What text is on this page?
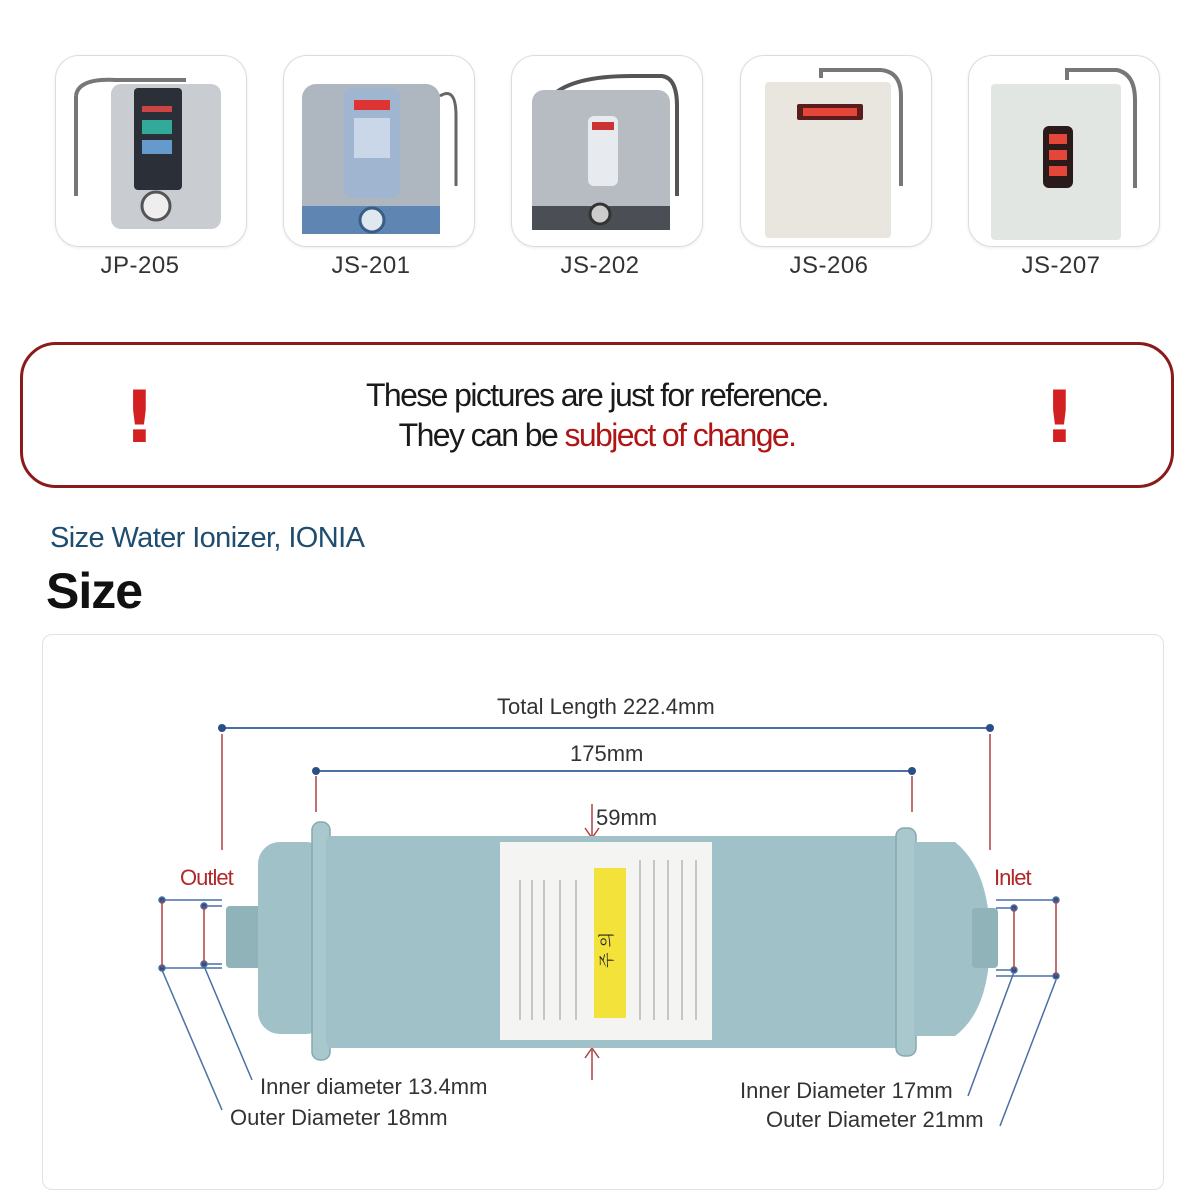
JP-205	JS-201	JS-202	JS-206	JS-207
!	These pictures are just for reference.
They can be subject of change.	!
Size Water Ionizer, IONIA
Size
주 의
Total Length 222.4mm
175mm
59mm
Outlet	Inlet
Inner diameter 13.4mm
Outer Diameter 18mm
Inner Diameter 17mm
Outer Diameter 21mm
